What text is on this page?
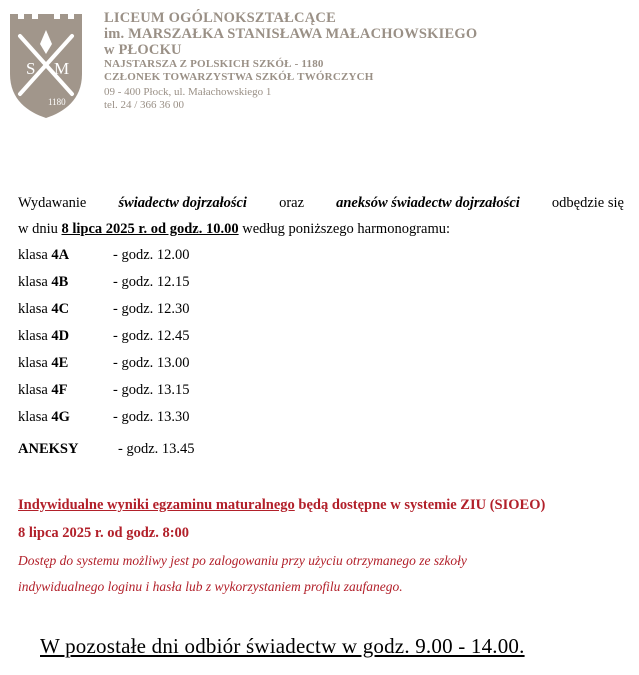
S M
1180
LICEUM OGÓLNOKSZTAŁCĄCE
im. MARSZAŁKA STANISŁAWA MAŁACHOWSKIEGO
w PŁOCKU
NAJSTARSZA Z POLSKICH SZKÓŁ - 1180
CZŁONEK TOWARZYSTWA SZKÓŁ TWÓRCZYCH
09 - 400 Płock, ul. Małachowskiego 1
tel. 24 / 366 36 00
Wydawanie świadectw dojrzałości oraz aneksów świadectw dojrzałości odbędzie się
w dniu 8 lipca 2025 r. od godz. 10.00 według poniższego harmonogramu:
klasa 4A	- godz. 12.00
klasa 4B	- godz. 12.15
klasa 4C	- godz. 12.30
klasa 4D	- godz. 12.45
klasa 4E	- godz. 13.00
klasa 4F	- godz. 13.15
klasa 4G	- godz. 13.30
ANEKSY	- godz. 13.45
Indywidualne wyniki egzaminu maturalnego będą dostępne w systemie ZIU (SIOEO)
8 lipca 2025 r. od godz. 8:00
Dostęp do systemu możliwy jest po zalogowaniu przy użyciu otrzymanego ze szkoły
indywidualnego loginu i hasła lub z wykorzystaniem profilu zaufanego.
W pozostałe dni odbiór świadectw w godz. 9.00 - 14.00.
